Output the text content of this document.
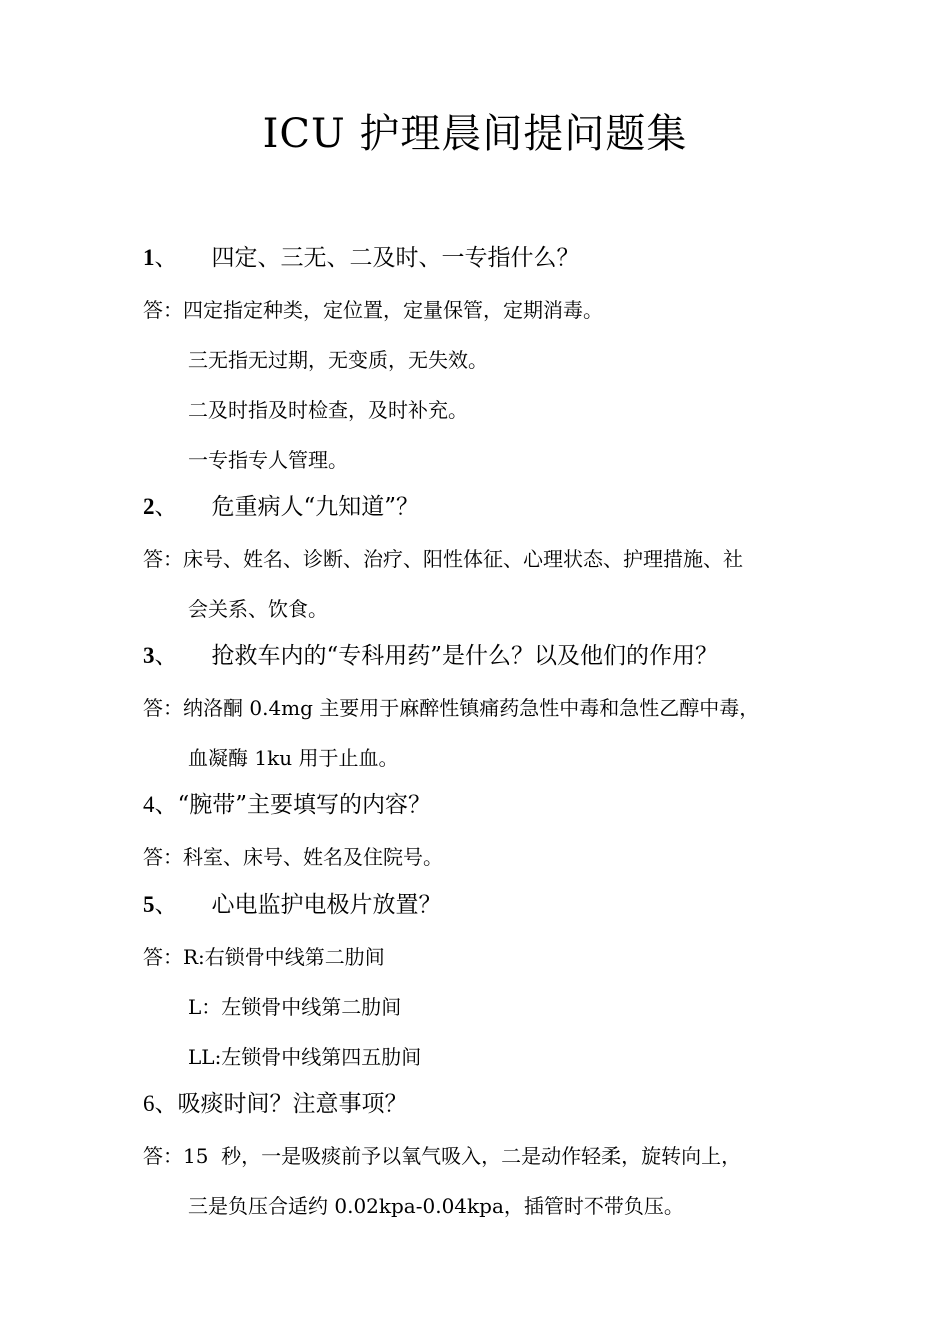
ICU 护理晨间提问题集
1、 四定、三无、二及时、一专指什么？
答：四定指定种类，定位置，定量保管，定期消毒。
三无指无过期，无变质，无失效。
二及时指及时检查，及时补充。
一专指专人管理。
2、 危重病人“九知道”？
答：床号、姓名、诊断、治疗、阳性体征、心理状态、护理措施、社
会关系、饮食。
3、 抢救车内的“专科用药”是什么？以及他们的作用？
答：纳洛酮 0.4mg 主要用于麻醉性镇痛药急性中毒和急性乙醇中毒，
血凝酶 1ku 用于止血。
4、“腕带”主要填写的内容？
答：科室、床号、姓名及住院号。
5、 心电监护电极片放置？
答：R:右锁骨中线第二肋间
L：左锁骨中线第二肋间
LL:左锁骨中线第四五肋间
6、吸痰时间？注意事项？
答：15  秒，一是吸痰前予以氧气吸入，二是动作轻柔，旋转向上，
三是负压合适约 0.02kpa-0.04kpa，插管时不带负压。
